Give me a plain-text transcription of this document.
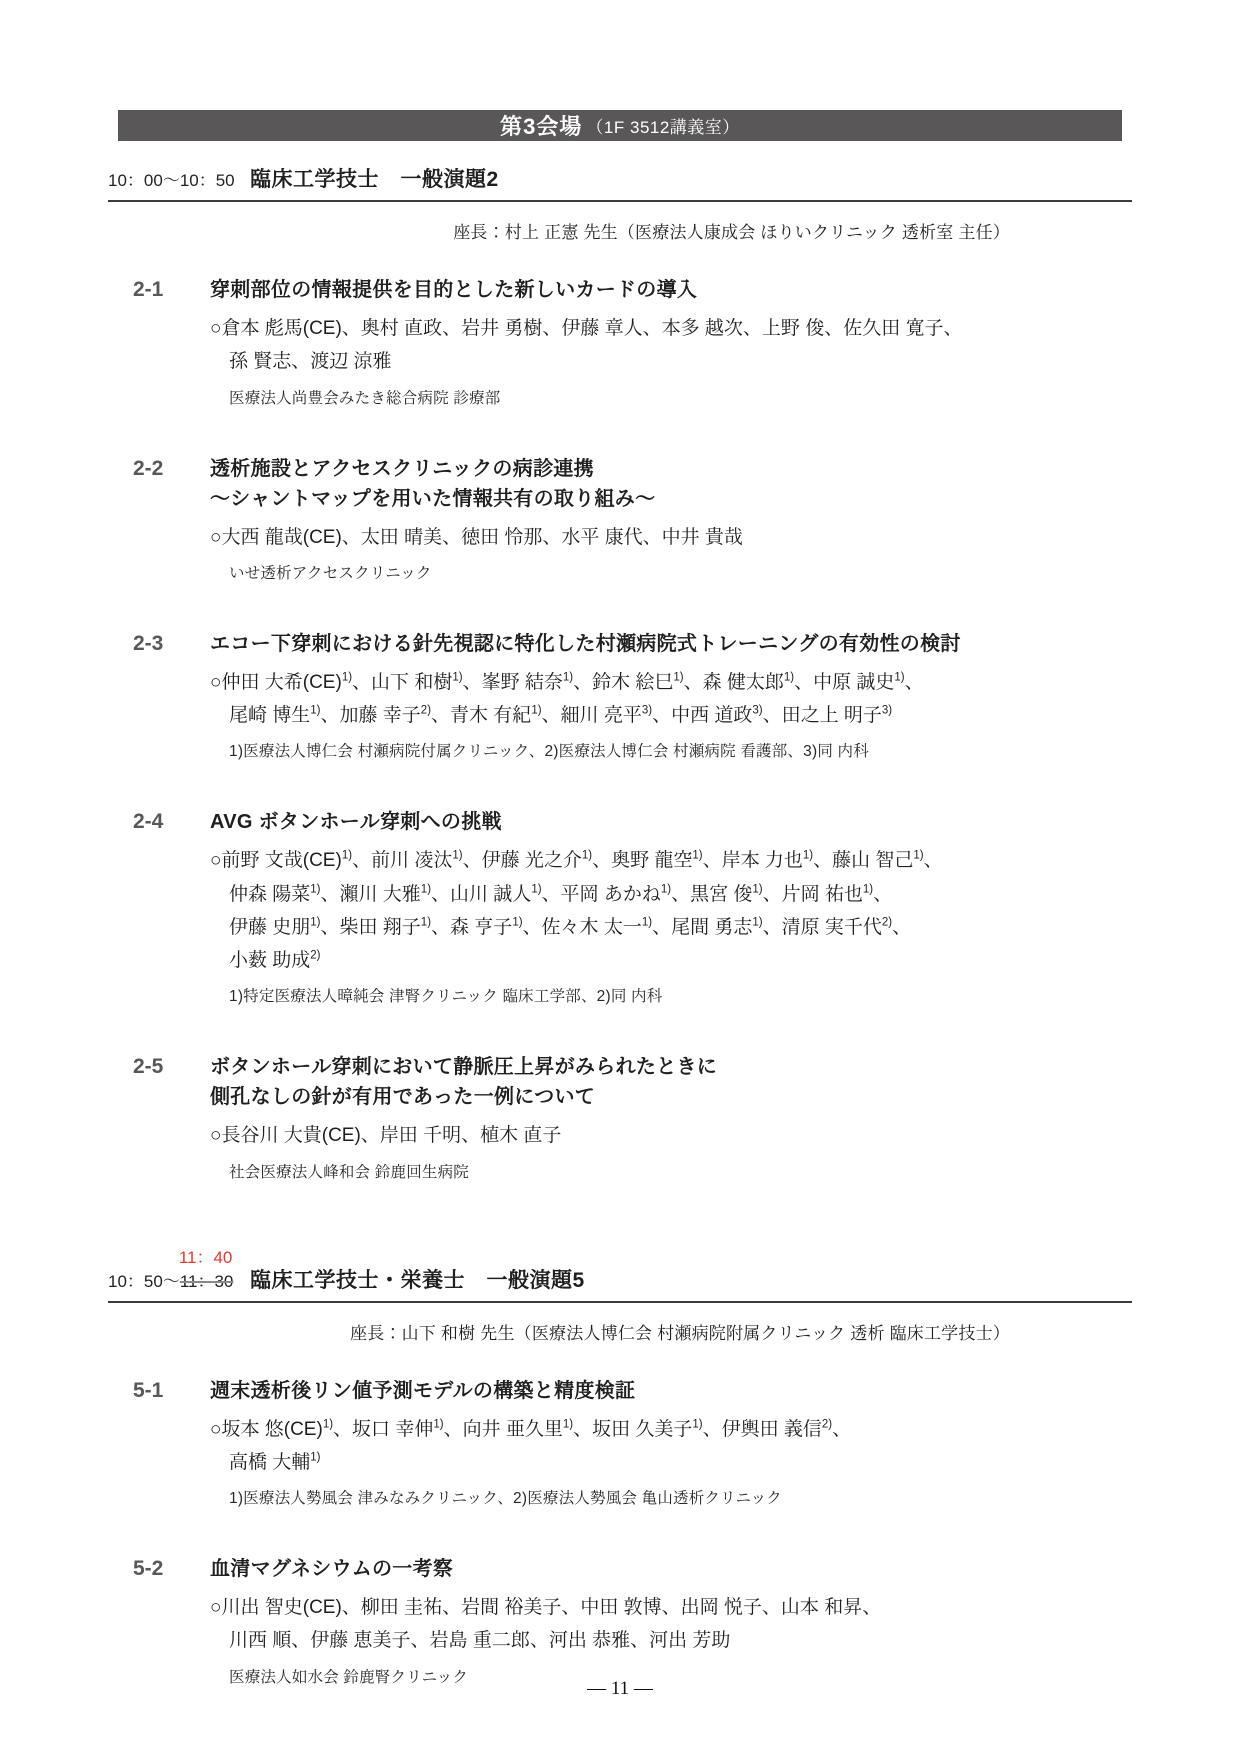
第3会場 （1F 3512講義室）
10：00～10：50 臨床工学技士　一般演題2
座長：村上 正憲 先生（医療法人康成会 ほりいクリニック 透析室 主任）
2-1	穿刺部位の情報提供を目的とした新しいカードの導入
○倉本 彪馬(CE)、奥村 直政、岩井 勇樹、伊藤 章人、本多 越次、上野 俊、佐久田 寛子、
孫 賢志、渡辺 涼雅
医療法人尚豊会みたき総合病院 診療部
2-2	透析施設とアクセスクリニックの病診連携
～シャントマップを用いた情報共有の取り組み～
○大西 龍哉(CE)、太田 晴美、徳田 怜那、水平 康代、中井 貴哉
いせ透析アクセスクリニック
2-3	エコー下穿刺における針先視認に特化した村瀬病院式トレーニングの有効性の検討
○仲田 大希(CE)$^{1)}$、山下 和樹$^{1)}$、峯野 結奈$^{1)}$、鈴木 絵巳$^{1)}$、森 健太郎$^{1)}$、中原 誠史$^{1)}$、
尾崎 博生$^{1)}$、加藤 幸子$^{2)}$、青木 有紀$^{1)}$、細川 亮平$^{3)}$、中西 道政$^{3)}$、田之上 明子$^{3)}$
1)医療法人博仁会 村瀬病院付属クリニック、2)医療法人博仁会 村瀬病院 看護部、3)同 内科
2-4	AVG ボタンホール穿刺への挑戦
○前野 文哉(CE)$^{1)}$、前川 凌汰$^{1)}$、伊藤 光之介$^{1)}$、奥野 龍空$^{1)}$、岸本 力也$^{1)}$、藤山 智己$^{1)}$、
仲森 陽菜$^{1)}$、瀨川 大雅$^{1)}$、山川 誠人$^{1)}$、平岡 あかね$^{1)}$、黒宮 俊$^{1)}$、片岡 祐也$^{1)}$、
伊藤 史朋$^{1)}$、柴田 翔子$^{1)}$、森 亨子$^{1)}$、佐々木 太一$^{1)}$、尾間 勇志$^{1)}$、清原 実千代$^{2)}$、
小薮 助成$^{2)}$
1)特定医療法人暲純会 津腎クリニック 臨床工学部、2)同 内科
2-5	ボタンホール穿刺において静脈圧上昇がみられたときに
側孔なしの針が有用であった一例について
○長谷川 大貴(CE)、岸田 千明、植木 直子
社会医療法人峰和会 鈴鹿回生病院
10：50～
11：40
11：30 臨床工学技士・栄養士　一般演題5
座長：山下 和樹 先生（医療法人博仁会 村瀬病院附属クリニック 透析 臨床工学技士）
5-1	週末透析後リン値予測モデルの構築と精度検証
○坂本 悠(CE)$^{1)}$、坂口 幸伸$^{1)}$、向井 亜久里$^{1)}$、坂田 久美子$^{1)}$、伊輿田 義信$^{2)}$、
高橋 大輔$^{1)}$
1)医療法人勢風会 津みなみクリニック、2)医療法人勢風会 亀山透析クリニック
5-2	血清マグネシウムの一考察
○川出 智史(CE)、柳田 圭祐、岩間 裕美子、中田 敦博、出岡 悦子、山本 和昇、
川西 順、伊藤 恵美子、岩島 重二郎、河出 恭雅、河出 芳助
医療法人如水会 鈴鹿腎クリニック
— 11 —
